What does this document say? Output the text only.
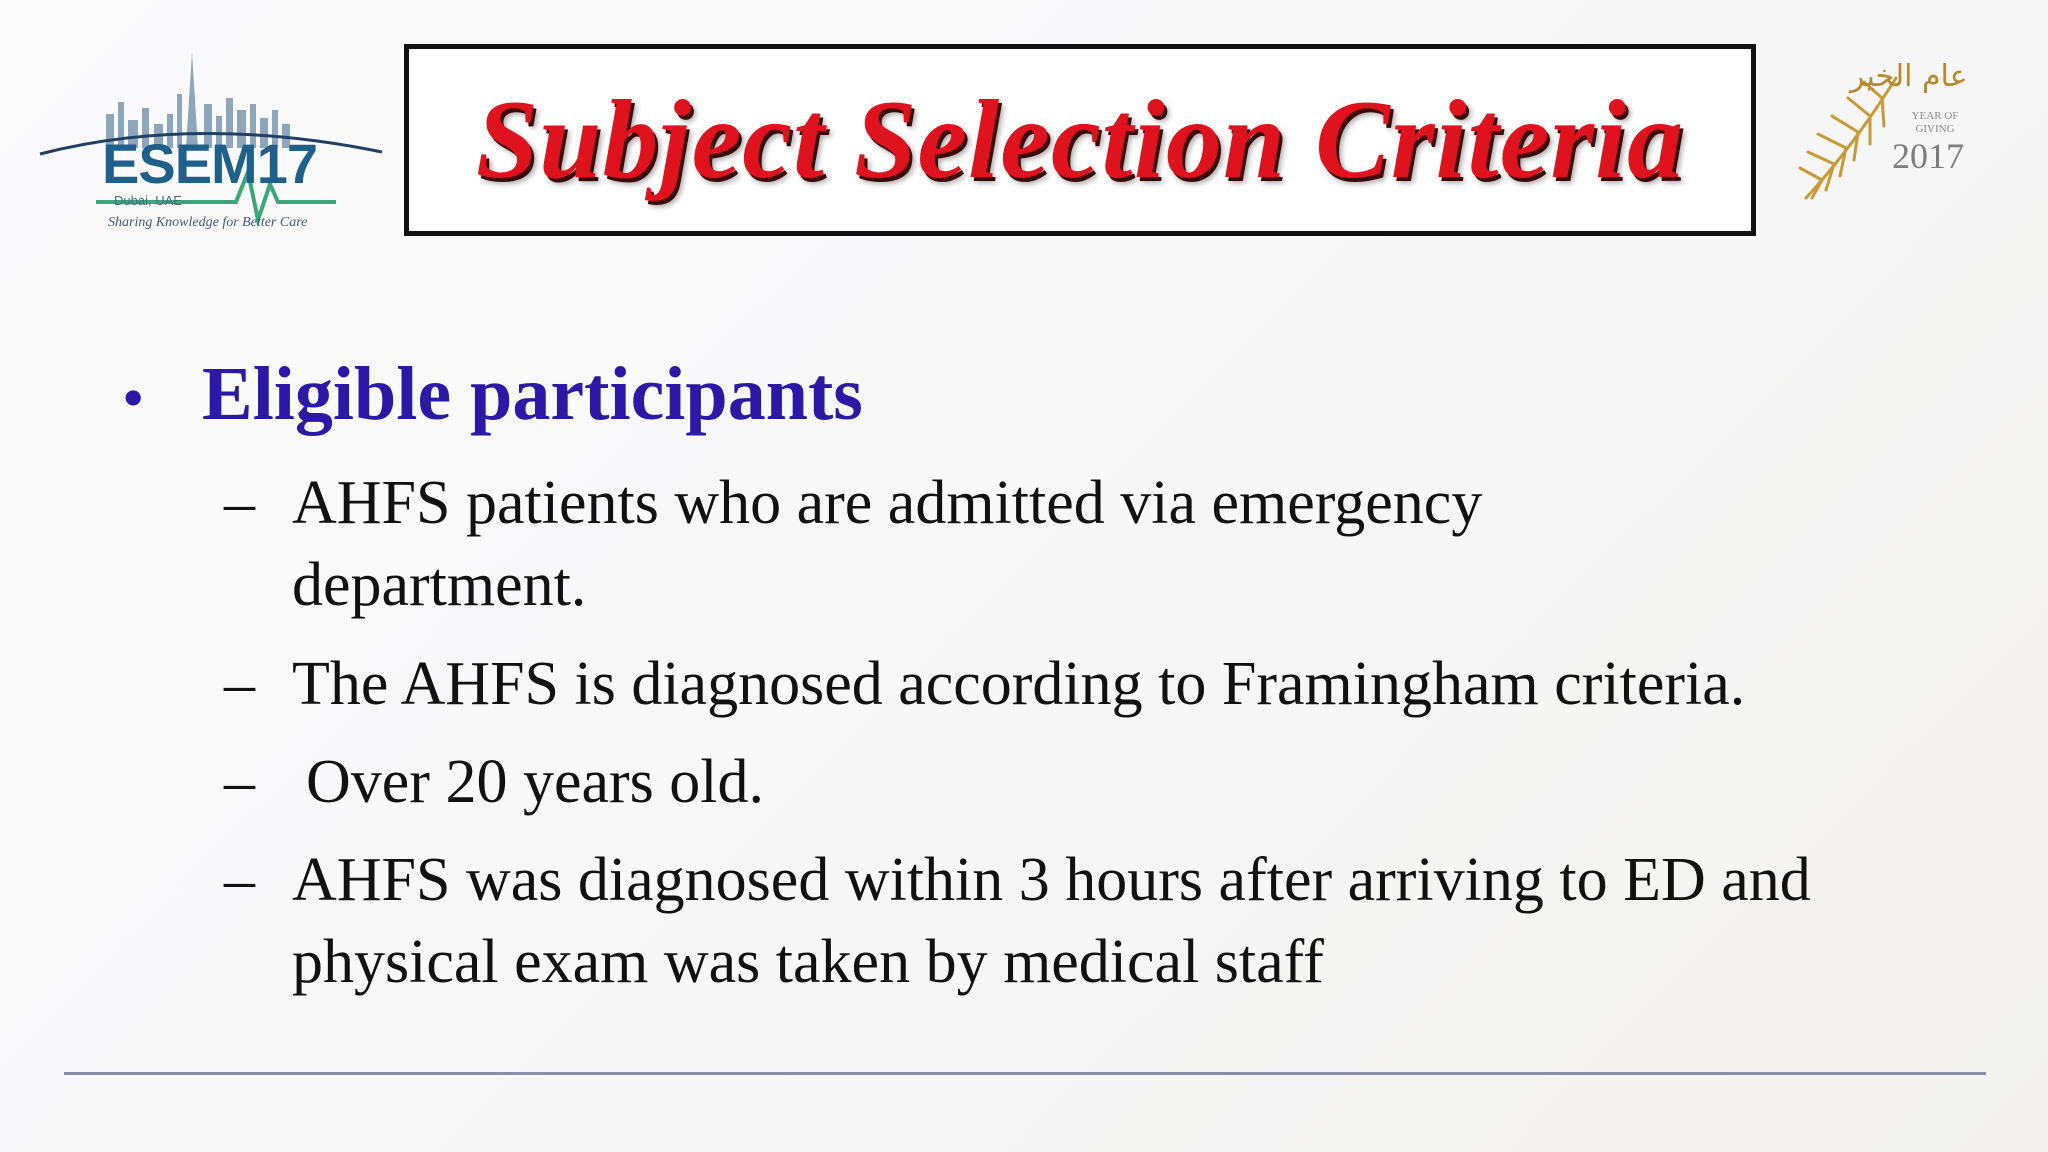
ESEM17
Dubai, UAE
Sharing Knowledge for Better Care
Subject Selection Criteria
عام الخير
YEAR OF GIVING
2017
• Eligible participants
– AHFS patients who are admitted via emergency department.
– The AHFS is diagnosed according to Framingham criteria.
– Over 20 years old.
– AHFS was diagnosed within 3 hours after arriving to ED and physical exam was taken by medical staff
